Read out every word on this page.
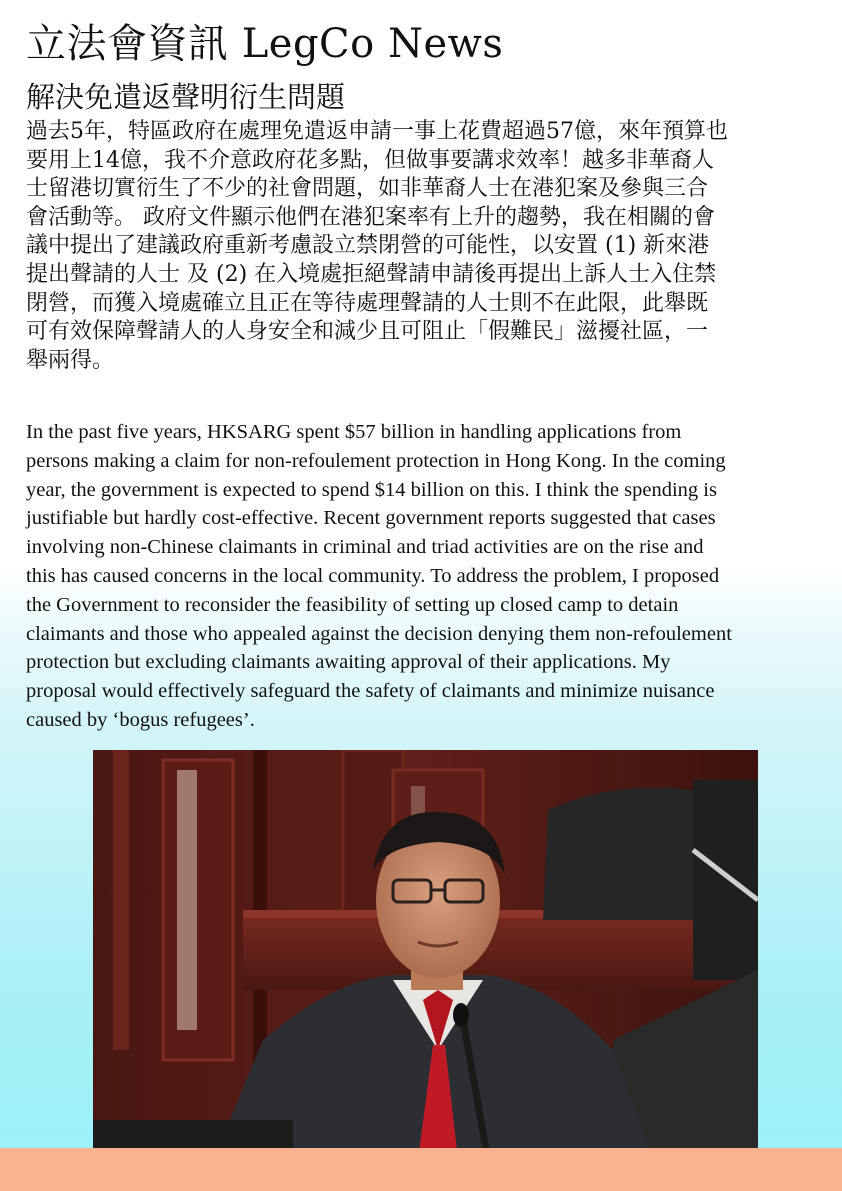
立法會資訊 LegCo News
解決免遣返聲明衍生問題
過去5年，特區政府在處理免遣返申請一事上花費超過57億，來年預算也
要用上14億，我不介意政府花多點，但做事要講求效率！越多非華裔人
士留港切實衍生了不少的社會問題，如非華裔人士在港犯案及參與三合
會活動等。 政府文件顯示他們在港犯案率有上升的趨勢，我在相關的會
議中提出了建議政府重新考慮設立禁閉營的可能性，以安置 (1) 新來港
提出聲請的人士 及 (2) 在入境處拒絕聲請申請後再提出上訴人士入住禁
閉營，而獲入境處確立且正在等待處理聲請的人士則不在此限，此舉既
可有效保障聲請人的人身安全和減少且可阻止「假難民」滋擾社區，一
舉兩得。
In the past five years, HKSARG spent $57 billion in handling applications from
persons making a claim for non-refoulement protection in Hong Kong. In the coming
year, the government is expected to spend $14 billion on this. I think the spending is
justifiable but hardly cost-effective. Recent government reports suggested that cases
involving non-Chinese claimants in criminal and triad activities are on the rise and
this has caused concerns in the local community. To address the problem, I proposed
the Government to reconsider the feasibility of setting up closed camp to detain
claimants and those who appealed against the decision denying them non-refoulement
protection but excluding claimants awaiting approval of their applications. My
proposal would effectively safeguard the safety of claimants and minimize nuisance
caused by ‘bogus refugees’.
